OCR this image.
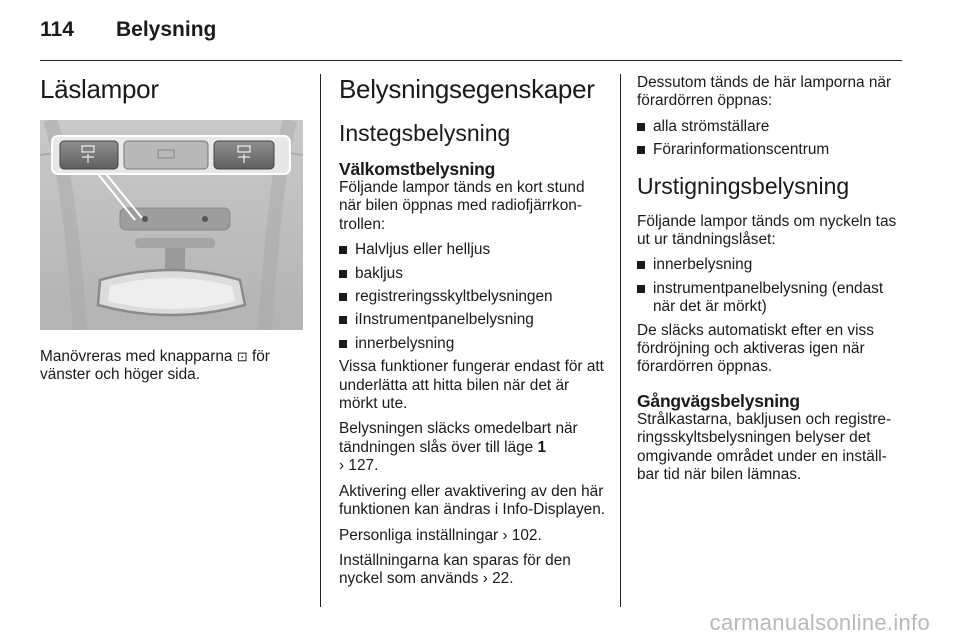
114 Belysning
Läslampor

Manövreras med knapparna ⊡ för vänster och höger sida.

Belysningsegenskaper
Instegsbelysning
Välkomstbelysning

Följande lampor tänds en kort stund när bilen öppnas med radiofjärrkon-trollen:

Halvljus eller helljus
bakljus
registreringsskyltbelysningen
iInstrumentpanelbelysning
innerbelysning

Vissa funktioner fungerar endast för att underlätta att hitta bilen när det är mörkt ute.

Belysningen släcks omedelbart när tändningen slås över till läge 1
› 127.

Aktivering eller avaktivering av den här funktionen kan ändras i Info-Displayen.

Personliga inställningar › 102.

Inställningarna kan sparas för den nyckel som används › 22.

Dessutom tänds de här lamporna när förardörren öppnas:

alla strömställare
Förarinformationscentrum
Urstigningsbelysning

Följande lampor tänds om nyckeln tas ut ur tändningslåset:

innerbelysning
instrumentpanelbelysning (endast när det är mörkt)

De släcks automatiskt efter en viss fördröjning och aktiveras igen när förardörren öppnas.

Gångvägsbelysning

Strålkastarna, bakljusen och registre-ringsskyltsbelysningen belyser det omgivande området under en inställ-bar tid när bilen lämnas.

carmanualsonline.info
